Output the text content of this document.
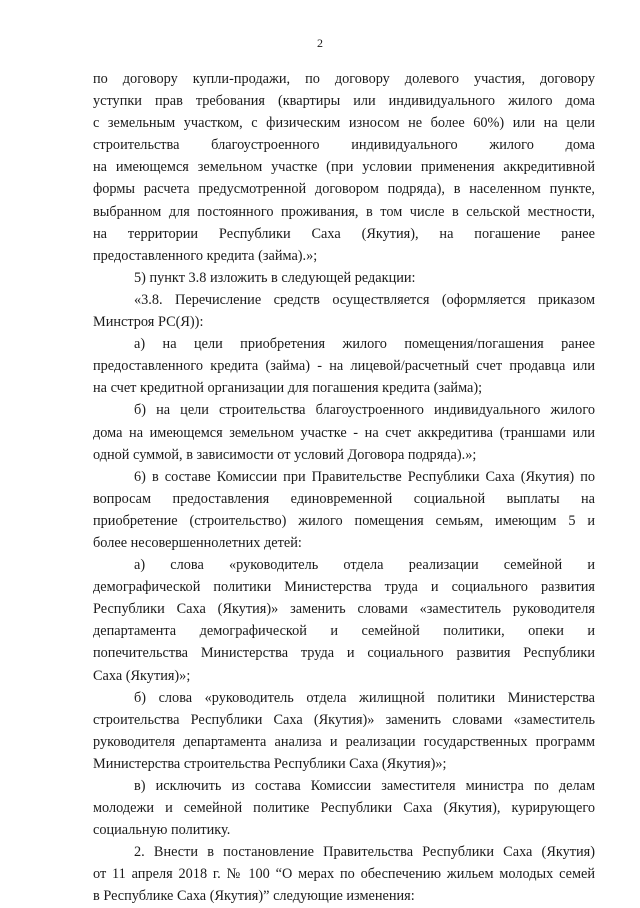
2
по договору купли-продажи, по договору долевого участия, договору
уступки прав требования (квартиры или индивидуального жилого дома
с земельным участком, с физическим износом не более 60%) или на цели
строительства благоустроенного индивидуального жилого дома
на имеющемся земельном участке (при условии применения аккредитивной
формы расчета предусмотренной договором подряда), в населенном пункте,
выбранном для постоянного проживания, в том числе в сельской местности,
на территории Республики Саха (Якутия), на погашение ранее
предоставленного кредита (займа).»;
5) пункт 3.8 изложить в следующей редакции:
«3.8. Перечисление средств осуществляется (оформляется приказом
Минстроя РС(Я)):
а) на цели приобретения жилого помещения/погашения ранее
предоставленного кредита (займа) - на лицевой/расчетный счет продавца или
на счет кредитной организации для погашения кредита (займа);
б) на цели строительства благоустроенного индивидуального жилого
дома на имеющемся земельном участке - на счет аккредитива (траншами или
одной суммой, в зависимости от условий Договора подряда).»;
6) в составе Комиссии при Правительстве Республики Саха (Якутия) по
вопросам предоставления единовременной социальной выплаты на
приобретение (строительство) жилого помещения семьям, имеющим 5 и
более несовершеннолетних детей:
а) слова «руководитель отдела реализации семейной и
демографической политики Министерства труда и социального развития
Республики Саха (Якутия)» заменить словами «заместитель руководителя
департамента демографической и семейной политики, опеки и
попечительства Министерства труда и социального развития Республики
Саха (Якутия)»;
б) слова «руководитель отдела жилищной политики Министерства
строительства Республики Саха (Якутия)» заменить словами «заместитель
руководителя департамента анализа и реализации государственных программ
Министерства строительства Республики Саха (Якутия)»;
в) исключить из состава Комиссии заместителя министра по делам
молодежи и семейной политике Республики Саха (Якутия), курирующего
социальную политику.
2. Внести в постановление Правительства Республики Саха (Якутия)
от 11 апреля 2018 г. № 100 “О мерах по обеспечению жильем молодых семей
в Республике Саха (Якутия)” следующие изменения:
